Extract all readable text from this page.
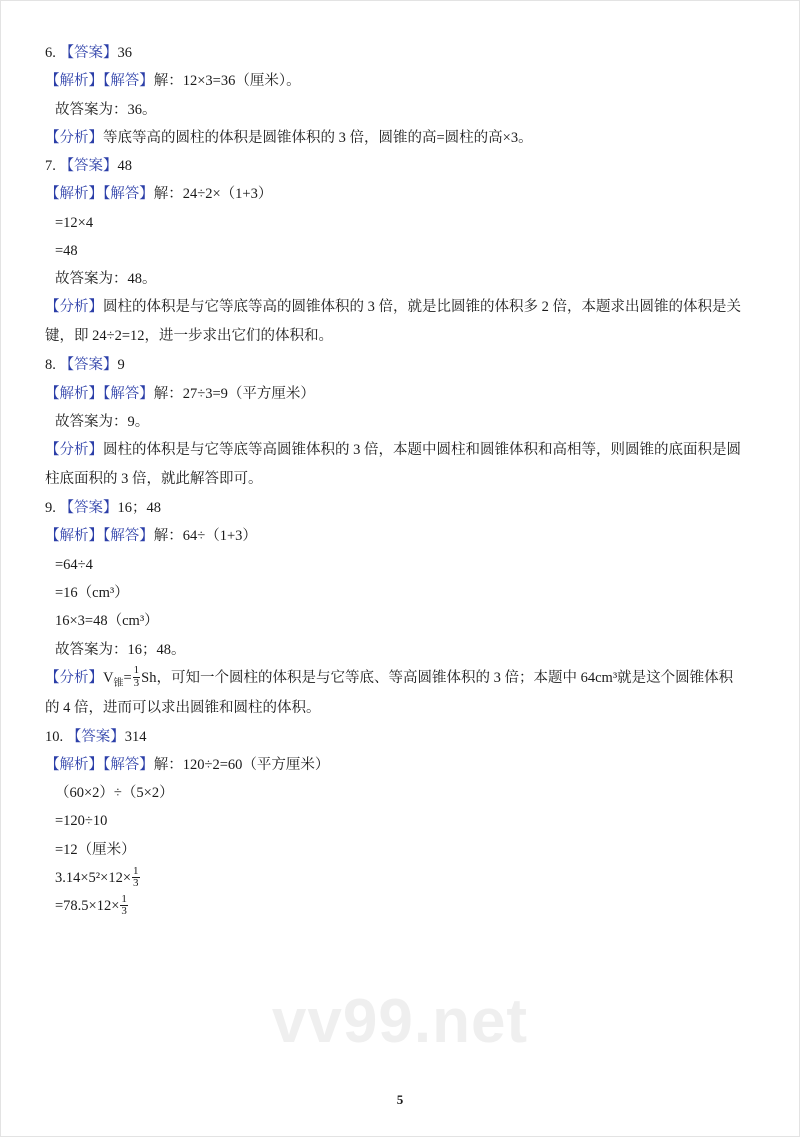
vv99.net
6. 【答案】36
【解析】【解答】解：12×3=36（厘米）。
故答案为：36。
【分析】等底等高的圆柱的体积是圆锥体积的 3 倍，圆锥的高=圆柱的高×3。
7. 【答案】48
【解析】【解答】解：24÷2×（1+3）
=12×4
=48
故答案为：48。
【分析】圆柱的体积是与它等底等高的圆锥体积的 3 倍，就是比圆锥的体积多 2 倍，本题求出圆锥的体积是关键，即 24÷2=12，进一步求出它们的体积和。
8. 【答案】9
【解析】【解答】解：27÷3=9（平方厘米）
故答案为：9。
【分析】圆柱的体积是与它等底等高圆锥体积的 3 倍，本题中圆柱和圆锥体积和高相等，则圆锥的底面积是圆柱底面积的 3 倍，就此解答即可。
9. 【答案】16；48
【解析】【解答】解：64÷（1+3）
=64÷4
=16（cm³）
16×3=48（cm³）
故答案为：16；48。
【分析】$V_锥= \frac{1}{3}$ Sh，可知一个圆柱的体积是与它等底、等高圆锥体积的 3 倍；本题中 64cm³就是这个圆锥体积的 4 倍，进而可以求出圆锥和圆柱的体积。
10. 【答案】314
【解析】【解答】解：120÷2=60（平方厘米）
（60×2）÷（5×2）
=120÷10
=12（厘米）
$3.14\times 5^2\times 12\times \frac{1}{3}$
$=78.5\times 12\times \frac{1}{3}$
5
